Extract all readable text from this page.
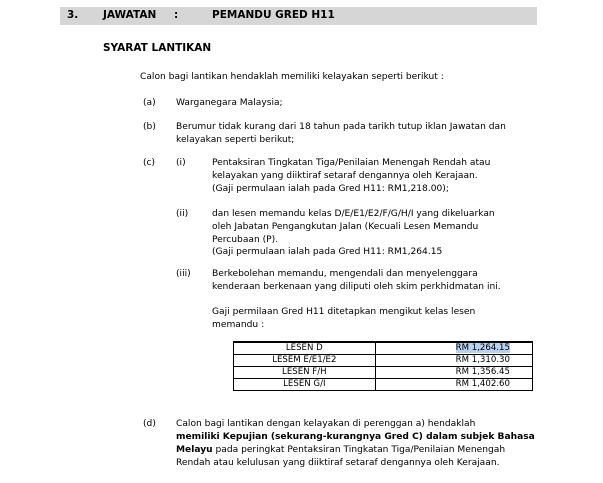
3. JAWATAN :	PEMANDU GRED H11
SYARAT LANTIKAN
Calon bagi lantikan hendaklah memiliki kelayakan seperti berikut :
(a) Warganegara Malaysia;
(b) Berumur tidak kurang dari 18 tahun pada tarikh tutup iklan Jawatan dan
kelayakan seperti berikut;
(c) (i)	Pentaksiran Tingkatan Tiga/Penilaian Menengah Rendah atau
kelayakan yang diiktiraf setaraf dengannya oleh Kerajaan.
(Gaji permulaan ialah pada Gred H11: RM1,218.00);
(ii)	dan lesen memandu kelas D/E/E1/E2/F/G/H/I yang dikeluarkan
oleh Jabatan Pengangkutan Jalan (Kecuali Lesen Memandu
Percubaan (P).
(Gaji permulaan ialah pada Gred H11: RM1,264.15
(iii) Berkebolehan memandu, mengendali dan menyelenggara
kenderaan berkenaan yang diliputi oleh skim perkhidmatan ini.
Gaji permilaan Gred H11 ditetapkan mengikut kelas lesen
memandu :
LESEN D	RM 1,264.15
LESEM E/E1/E2	RM 1,310.30
LESEN F/H	RM 1,356.45
LESEN G/I	RM 1,402.60
(d) Calon bagi lantikan dengan kelayakan di perenggan a) hendaklah
memiliki Kepujian (sekurang-kurangnya Gred C) dalam subjek Bahasa
Melayu pada peringkat Pentaksiran Tingkatan Tiga/Penilaian Menengah
Rendah atau kelulusan yang diiktiraf setaraf dengannya oleh Kerajaan.
